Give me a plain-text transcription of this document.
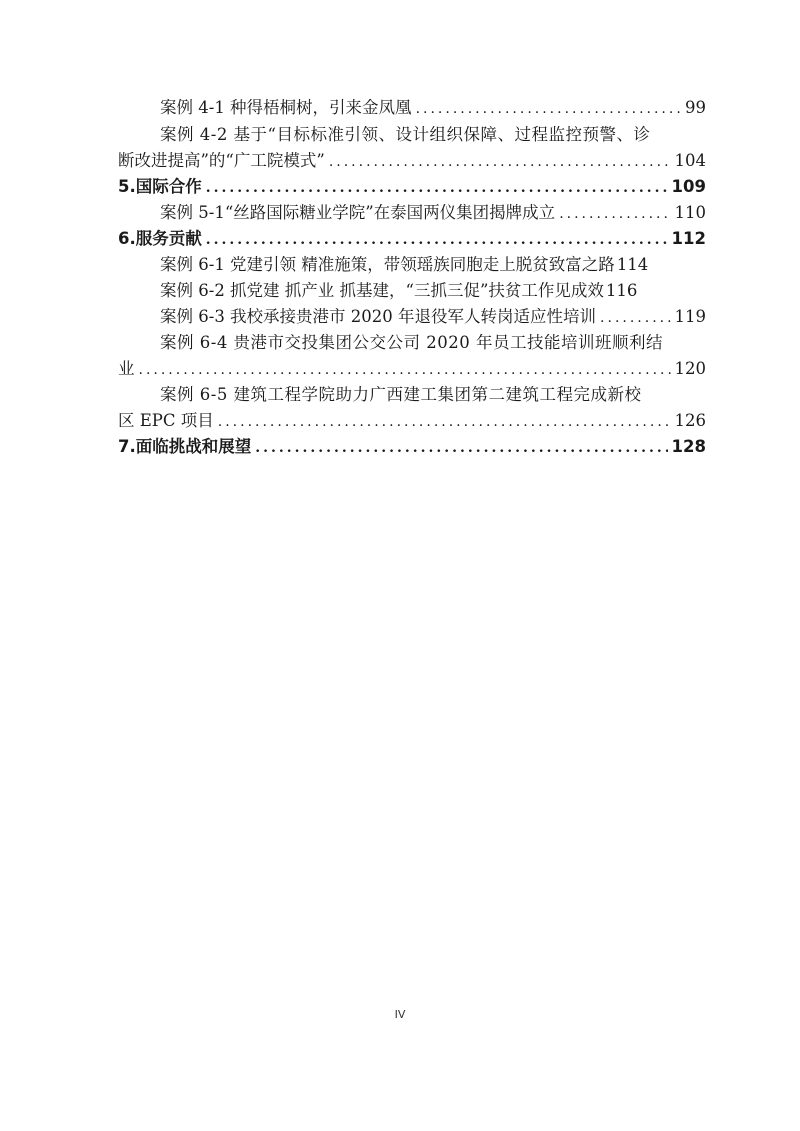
案例 4-1 种得梧桐树，引来金凤凰 .....	99
案例 4-2 基于“目标标准引领、设计组织保障、过程监控预警、诊
断改进提高”的“广工院模式” .....	104
5.国际合作 .....	109
案例 5-1“丝路国际糖业学院”在泰国两仪集团揭牌成立 .....	110
6.服务贡献 .....	112
案例 6-1 党建引领 精准施策，带领瑶族同胞走上脱贫致富之路 114
案例 6-2 抓党建 抓产业 抓基建，“三抓三促”扶贫工作见成效 116
案例 6-3 我校承接贵港市 2020 年退役军人转岗适应性培训 .....	119
案例 6-4 贵港市交投集团公交公司 2020 年员工技能培训班顺利结
业 .....	120
案例 6-5 建筑工程学院助力广西建工集团第二建筑工程完成新校
区 EPC 项目 .....	126
7.面临挑战和展望 .....	128
IV
